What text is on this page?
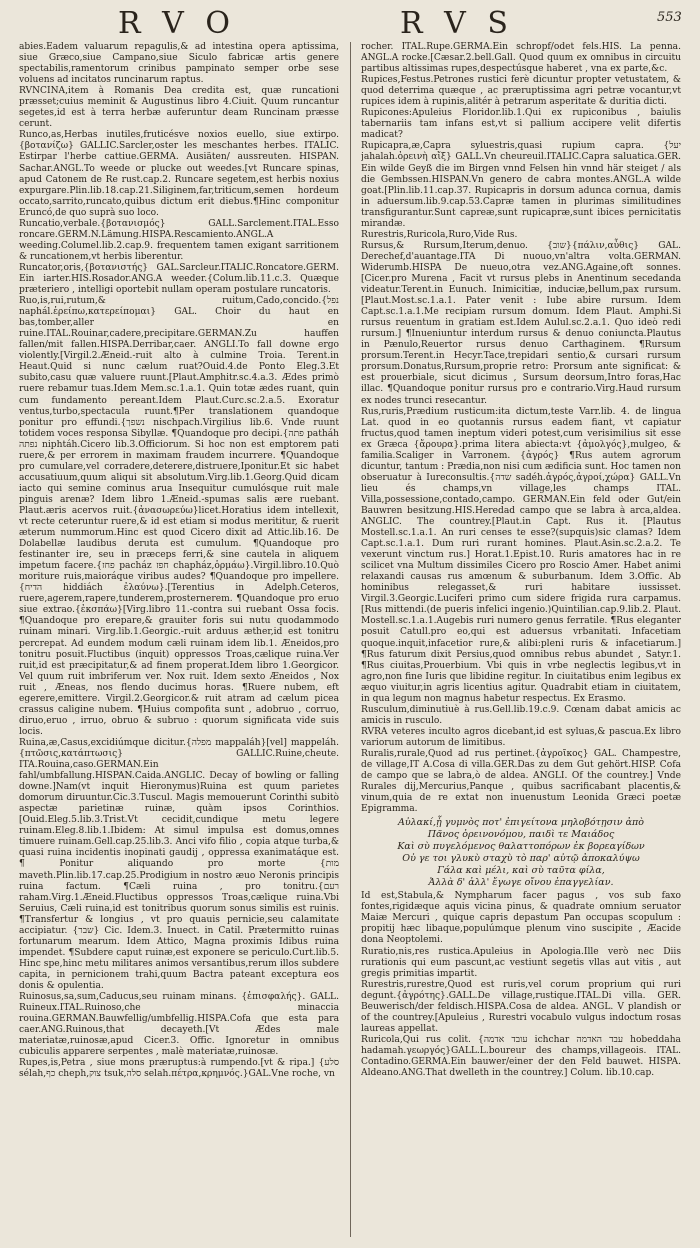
R V O	R V S	553

abies.Eadem valuarum repagulis,& ad intestina opera aptissima, siue Græco,siue Campano,siue Siculo fabricæ artis genere spectabilis,ramentorum crinibus pampinato semper orbe sese voluens ad incitatos runcinarum raptus.

RVNCINA,item à Romanis Dea credita est, quæ runcationi præsset;cuius meminit & Augustinus libro 4.Ciuit. Quum runcantur segetes,id est à terra herbæ auferuntur deam Runcinam præsse cerunt.

Runco,as,Herbas inutiles,fruticésve noxios euello, siue extirpo. {βοτανίζω} GALLIC.Sarcler,oster les meschantes herbes. ITALIC. Estirpar l'herbe cattiue.GERMA. Ausiäten/ aussreuten. HISPAN. Sachar.ANGL.To weede or plucke out weedes.[vt Runcare spinas, apud Catonem de Re rust.cap.2. Runcare segetem,est herbis noxius expurgare.Plin.lib.18.cap.21.Siliginem,far,triticum,semen hordeum occato,sarrito,runcato,quibus dictum erit diebus.¶Hinc componitur Eruncó,de quo suprà suo loco.

Runcatio,verbale.{βοτανισμός} GALL.Sarclement.ITAL.Esso roncare.GERM.N.Lämung.HISPA.Rescamiento.ANGL.A weeding.Columel.lib.2.cap.9. frequentem tamen exigant sarritionem & runcationem,vt herbis liberentur.

Runcator,oris,{βοτανιστής} GAL.Sarcleur.ITALIC.Roncatore.GERM. Ein iarter.HIS.Rosador.ANG.A weeder.{Colum.lib.11.c.3. Quæque præteriero , intelligi oportebit nullam operam postulare runcatoris.

Ruo,is,rui,rutum,& ruitum,Cado,concido.{נפל naphál.ἐρείπω,κατερείπομαι} GAL. Choir du haut en bas,tomber,aller en ruine.ITAL.Rouinar,cadere,precipitare.GERMAN.Zu hauffen fallen/mit fallen.HISPA.Derribar,caer. ANGLI.To fall downe ergo violently.[Virgil.2.Æneid.-ruit alto à culmine Troia. Terent.in Heaut.Quid si nunc cælum ruat?Ouid.4.de Ponto Eleg.3.Et subito,casu quæ valuere ruunt.[Plaut.Amphitr.sc.4.a.3. Ædes primò ruere rebamur tuas.Idem Mem.sc.1.a.1. Quin totæ ædes ruant, quin cum fundamento pereant.Idem Plaut.Curc.sc.2.a.5. Exoratur ventus,turbo,spectacula ruunt.¶Per translationem quandoque ponitur pro effundi.{נשפך nischpach.Virgilius lib.6. Vnde ruunt totidem voces responsa Sibyllæ. ¶Quandoque pro decipi.{פתה patháh נפתה niphtáh.Cicero lib.3.Officiorum. Si hoc non est emptorem pati ruere,& per errorem in maximam fraudem incurrere. ¶Quandoque pro cumulare,vel corradere,deterere,distruere,Iponitur.Et sic habet accusatiuum,quum aliqui sit absolutum.Virg.lib.1.Georg.Quid dicam iacto qui semine cominus arua Insequitur cumulósque ruit male pinguis arenæ? Idem libro 1.Æneid.-spumas salis ære ruebant. Plaut.æris acervos ruit.{ἀνασωρεύω}licet.Horatius idem intellexit, vt recte ceteruntur ruere,& id est etiam si modus merititur, & ruerit æterum nummorum.Hinc est quod Cicero dixit ad Attic.lib.16. De Dolabellæ laudibus deruta est cumulum. ¶Quandoque pro festinanter ire, seu in præceps ferri,& sine cautela in aliquem impetum facere.{פחז pacház חפז chapház,ὁρμάω}.Virgil.libro.10.Quò moriture ruis,maioráque viribus audes? ¶Quandoque pro impellere.{הדיח hiddiách ἐλαύνω}.[Terentius in Adelph.Ceteros, ruere,agerem,rapere,tunderem,prosternerem. ¶Quandoque pro eruo siue extrao.{ἐκσπάω}[Virg.libro 11.-contra sui ruebant Ossa focis. ¶Quandoque pro erepare,& grauiter foris sui nutu quodammodo ruinam minari. Virg.lib.1.Georgic.-ruit arduus æther,id est tonitru percrepat. Ad eundem modum cæli ruinam idem lib.1. Æneidos,pro tonitru posuit.Fluctibus (inquit) oppressos Troas,cælique ruina.Ver ruit,id est præcipitatur,& ad finem properat.Idem libro 1.Georgicor. Vel quum ruit imbriferum ver. Nox ruit. Idem sexto Æneidos , Nox ruit , Æneas, nos flendo ducimus horas. ¶Ruere nubem, eft egerere,emittere. Virgil.2.Georgicor.& ruit atram ad cælum picea crassus caligine nubem. ¶Huius compofita sunt , adobruo , corruo, diruo,eruo , irruo, obruo & subruo : quorum significata vide suis locis.

Ruina,æ,Casus,excidiúmque dicitur.{מפלה mappaláh}[vel] mappeláh.{πτῶσις,κατάπτωσις} GALLIC.Ruine,cheute. ITA.Rouina,caso.GERMAN.Ein fahl/umbfallung.HISPAN.Caida.ANGLIC. Decay of bowling or falling downe.]Nam(vt inquit Hieronymus)Ruina est quum parietes domorum diruuntur.Cic.3.Tuscul. Magis memouerunt Corinthi subitò aspectæ parietinæ ruinæ, quàm ipsos Corinthios. [Ouid.Eleg.5.lib.3.Trist.Vt cecidit,cundique metu legere ruinam.Eleg.8.lib.1.Ibidem: At simul impulsa est domus,omnes timuere ruinam.Gell.cap.25.lib.3. Anci vifo filio , copia atque turba,& quasi ruina incidentis inopinati gaudij , oppressa exanimatáque est. ¶ Ponitur aliquando pro morte {מות maveth.Plin.lib.17.cap.25.Prodigium in nostro æuo Neronis principis ruina factum. ¶Cæli ruina , pro tonitru.{רעם raham.Virg.1.Æneid.Fluctibus oppressos Troas,cælique ruina.Vbi Seruius, Cæli ruina,id est tonitribus quorum sonus similis est ruinis. ¶Transfertur & longius , vt pro quauis pernicie,seu calamitate accipiatur. {שבר} Cic. Idem.3. Inuect. in Catil. Prætermitto ruinas fortunarum mearum. Idem Attico, Magna proximis Idibus ruina impendet. ¶Subdere caput ruinæ,est exponere se periculo.Curt.lib.5. Hinc spe,hinc metu militares animos versantibus,rerum illos subdere capita, in pernicionem trahi,quum Bactra pateant exceptura eos donis & opulentia.

Ruinosus,sa,sum,Caducus,seu ruinam minans. {ἐπισφαλής}. GALL. Ruineux.ITAL.Ruinoso,che minaccia rouina.GERMAN.Bauwfellig/umbfellig.HISPA.Cofa que esta para caer.ANG.Ruinous,that decayeth.[Vt Ædes male materiatæ,ruinosæ,apud Cicer.3. Offic. Ignoretur in omnibus cubiculis apparere serpentes , malè materiatæ,ruinosæ.

Rupes,is,Petra , siue mons præruptus:à rumpendo.[vt & ripa.] {סלע sélah,כף cheph,צוק tsuk,סלה selah.πέτρα,κρημνός.}GAL.Vne roche, vn

rocher. ITAL.Rupe.GERMA.Ein schropf/odet fels.HIS. La penna. ANGL.A rocke.[Cæsar.2.bell.Gall. Quod quum ex omnibus in circuitu partibus altissimas rupes,despectúsque haberet , vna ex parte,&c.

Rupices,Festus.Petrones rustici ferè dicuntur propter vetustatem, & quod deterrima quæque , ac præruptissima agri petræ vocantur,vt rupices idem à rupinis,alitér à petrarum asperitate & duritia dicti.

Rupicones:Apuleius Floridor.lib.1.Qui ex rupiconibus , baiulis tabernariis tam infans est,vt si pallium accipere velit difertis madicat?

Rupicapra,æ,Capra syluestris,quasi rupium capra. {יעל jahalah.ὀρεινὴ αἴξ} GALL.Vn cheureuil.ITALIC.Capra saluatica.GER. Ein wilde Geyß die im Birgen vnnd Felsen hin vnnd här steiget / als die Gembssen.HISPAN.Vn genero de cabra montes.ANGL.A wilde goat.[Plin.lib.11.cap.37. Rupicapris in dorsum adunca cornua, damis in aduersum.lib.9.cap.53.Capræ tamen in plurimas similitudines transfigurantur.Sunt capreæ,sunt rupicapræ,sunt ibices pernicitatis mirandæ.

Rurestris,Ruricola,Ruro,Vide Rus.

Rursus,& Rursum,Iterum,denuo. {שוב}{πάλιν,αὖθις} GAL. Derechef,d'auantage.ITA Di nuouo,vn'altra volta.GERMAN. Widerumb.HISPA De nueuo,otra vez.ANG.Againe,oft sonnes.[Cicer.pro Murena , Facit vt rursus plebs in Anentinum secedanda videatur.Terent.in Eunuch. Inimicitiæ, induciæ,bellum,pax rursum.[Plaut.Most.sc.1.a.1. Pater venit : Iube abire rursum. Idem Capt.sc.1.a.1.Me recipiam rursum domum. Idem Plaut. Amphi.Si rursus reuentum in gratiam est.Idem Aulul.sc.2.a.1. Quo ideò redi rursum.] ¶Inueniuntur interdum rursus & denuo coniuncta.Plautus in Pænulo,Reuertor rursus denuo Carthaginem. ¶Rursum prorsum.Terent.in Hecyr.Tace,trepidari sentio,& cursari rursum prorsum.Donatus,Rursum,proprie retro: Prorsum ante significat: & est prouerbiale, sicut dicimus , Sursum deorsum,Intro foras,Hac illac. ¶Quandoque ponitur rursus pro e contrario.Virg.Haud rursum ex nodes trunci resecantur.

Rus,ruris,Prædium rusticum:ita dictum,teste Varr.lib. 4. de lingua Lat. quod in eo quotannis rursus eadem fiant, vt capiatur fructus,quod tamen ineptum videri potest,cum verisimilius sit esse ex Græca {ἄρουρα}.prima litera abiecta:vt {ἀμολγός},mulgeo, & familia.Scaliger in Varronem. {ἀγρός} ¶Rus autem agrorum dicuntur, tantum : Prædia,non nisi cum ædificia sunt. Hoc tamen non obseruatur à Iureconsultis.{שדה sadéh.ἀγρός,ἀγροί,χώρα} GALL.Vn lieu és champs,vn village,les champs ITAL. Villa,possessione,contado,campo. GERMAN.Ein feld oder Gut/ein Bauwren besitzung.HIS.Heredad campo que se labra à arca,aldea. ANGLIC. The countrey.[Plaut.in Capt. Rus it. [Plautus Mostell.sc.1.a.1. An ruri censes te esse?(supquis)sic clamas? Idem Capt.sc.1.a.1. Dum ruri rurant homines. Plaut.Asin.sc.2.a.2. Te vexerunt vinctum rus.] Horat.1.Epist.10. Ruris amatores hac in re scilicet vna Multum dissimiles Cicero pro Roscio Amer. Habet animi relaxandi causas rus amœnum & suburbanum. Idem 3.Offic. Ab hominibus relegasset,& ruri habitare iussisset. Virgil.3.Georgic.Luciferi primo cum sidere frigida rura carpamus. [Rus mittendi.(de pueris infelici ingenio.)Quintilian.cap.9.lib.2. Plaut. Mostell.sc.1.a.1.Augebis ruri numero genus ferratile. ¶Rus eleganter posuit Catull.pro eo,qui est aduersus vrbanitati. Infacetiam quoque.inquit,infacetior rure,& alibi:pleni ruris & infacetiarum.] ¶Rus faturum dixit Persius,quod omnibus rebus abundet , Satyr.1. ¶Rus ciuitas,Prouerbium. Vbi quis in vrbe neglectis legibus,vt in agro,non fine Iuris que libidine regitur. In ciuitatibus enim legibus ex æquo viuitur,in agris licentius agitur. Quadrabit etiam in ciuitatem, in qua legum non magnus habetur respectus. Ex Erasmo.

Rusculum,diminutiuè à rus.Gell.lib.19.c.9. Cœnam dabat amicis ac amicis in rusculo.

RVRA veteres inculto agros dicebant,id est syluas,& pascua.Ex libro variorum autorum de limitibus.

Ruralis,rurale,Quod ad rus pertinet.{ἀγροῖκος} GAL. Champestre, de village,IT A.Cosa di villa.GER.Das zu dem Gut gehört.HISP. Cofa de campo que se labra,ò de aldea. ANGLI. Of the countrey.] Vnde Rurales dij,Mercurius,Panque , quibus sacrificabant placentis,& vinum,quia de re extat non inuenustum Leonida Græci poetæ Epigramma.

Αὐλακί,ᾗ γυμνὸς ποτ' ἐπιγείτονα μηλοβότῃσιν ἀπὸ

Πᾶνος ὀρεινονόμου, παιδὶ τε Μαιάδος

Καὶ σὺ πυγελόμενος θαλαττοπόρων ἐκ βορεαγίδων

Οὐ γε τοι γλυκὺ σταχὺ τὸ παρ' αὐτῷ ἀποκαλύψω

Γάλα καὶ μέλι, καὶ σὺ ταῦτα φίλα,

Ἀλλὰ δ' ἀλλ' ἔγωγε οἴνου ἐπαγγελίαν.

Id est,Stabula,& Nympharum facer pagus , vos sub faxo fontes,rigidæque aquis vicina pinus, & quadrate omnium seruator Maiæ Mercuri , quique capris depastum Pan occupas scopulum : propitij hæc libaque,populúmque plenum vino suscipite , Æacide dona Neoptolemi.

Ruratio,nis,res rustica.Apuleius in Apologia.Ille verò nec Diis rurationis qui eum pascunt,ac vestiunt segetis vllas aut vitis , aut gregis primitias impartit.

Rurestris,rurestre,Quod est ruris,vel corum proprium qui ruri degunt.{ἀγρότης}.GALL.De village,rustique.ITAL.Di villa. GER. Beuwerisch/der feldisch.HISPA.Cosa de aldea. ANGL. V plandish or of the countrey.[Apuleius , Rurestri vocabulo vulgus indoctum rosas laureas appellat.

Ruricola,Qui rus colit. {עובד אדמה ichchar עבד האדמה hobeddaha hadamah.γεωργός}GALL.L.boureur des champs,villageois. ITAL. Contadino.GERMA.Ein bauwer/einer der den Feld bauwet. HISPA. Aldeano.ANG.That dwelleth in the countrey.] Colum. lib.10.cap.
